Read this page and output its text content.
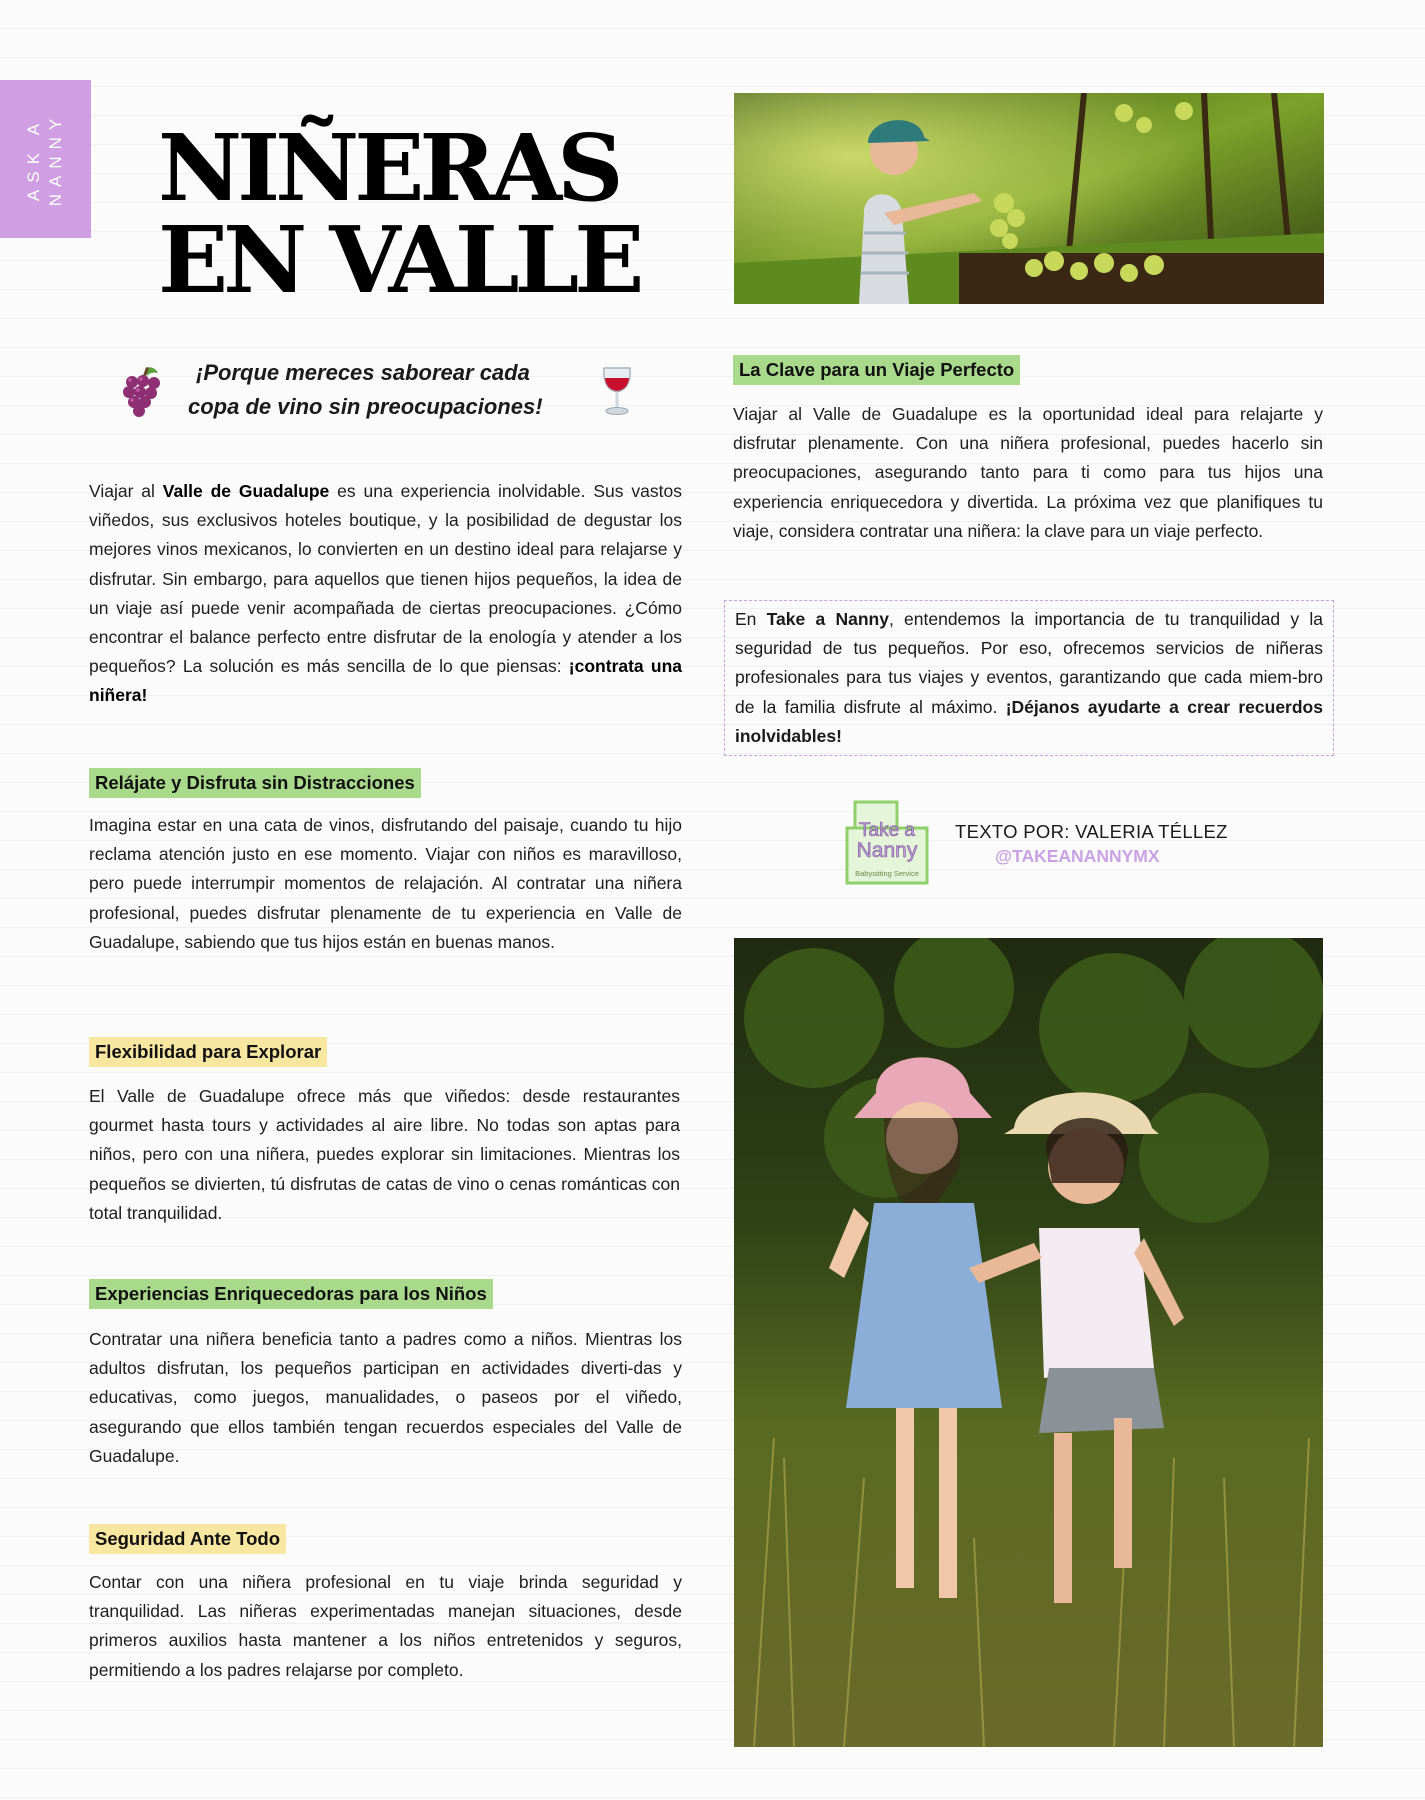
ASK A NANNY NIÑERAS
EN VALLE
¡Porque mereces saborear cada
copa de vino sin preocupaciones!

Viajar al Valle de Guadalupe es una experiencia inolvidable. Sus vastos viñedos, sus exclusivos hoteles boutique, y la posibilidad de degustar los mejores vinos mexicanos, lo convierten en un destino ideal para relajarse y disfrutar. Sin embargo, para aquellos que tienen hijos pequeños, la idea de un viaje así puede venir acompañada de ciertas preocupaciones. ¿Cómo encontrar el balance perfecto entre disfrutar de la enología y atender a los pequeños? La solución es más sencilla de lo que piensas: ¡contrata una niñera!

Relájate y Disfruta sin Distracciones

Imagina estar en una cata de vinos, disfrutando del paisaje, cuando tu hijo reclama atención justo en ese momento. Viajar con niños es maravilloso, pero puede interrumpir momentos de relajación. Al contratar una niñera profesional, puedes disfrutar plenamente de tu experiencia en Valle de Guadalupe, sabiendo que tus hijos están en buenas manos.

Flexibilidad para Explorar

El Valle de Guadalupe ofrece más que viñedos: desde restaurantes gourmet hasta tours y actividades al aire libre. No todas son aptas para niños, pero con una niñera, puedes explorar sin limitaciones. Mientras los pequeños se divierten, tú disfrutas de catas de vino o cenas románticas con total tranquilidad.

Experiencias Enriquecedoras para los Niños

Contratar una niñera beneficia tanto a padres como a niños. Mientras los adultos disfrutan, los pequeños participan en actividades diverti-das y educativas, como juegos, manualidades, o paseos por el viñedo, asegurando que ellos también tengan recuerdos especiales del Valle de Guadalupe.

Seguridad Ante Todo

Contar con una niñera profesional en tu viaje brinda seguridad y tranquilidad. Las niñeras experimentadas manejan situaciones, desde primeros auxilios hasta mantener a los niños entretenidos y seguros, permitiendo a los padres relajarse por completo.

La Clave para un Viaje Perfecto

Viajar al Valle de Guadalupe es la oportunidad ideal para relajarte y disfrutar plenamente. Con una niñera profesional, puedes hacerlo sin preocupaciones, asegurando tanto para ti como para tus hijos una experiencia enriquecedora y divertida. La próxima vez que planifiques tu viaje, considera contratar una niñera: la clave para un viaje perfecto.

En Take a Nanny, entendemos la importancia de tu tranquilidad y la seguridad de tus pequeños. Por eso, ofrecemos servicios de niñeras profesionales para tus viajes y eventos, garantizando que cada miem-bro de la familia disfrute al máximo. ¡Déjanos ayudarte a crear recuerdos inolvidables!

Take a
Nanny
Babysitting Service
TEXTO POR: VALERIA TÉLLEZ
@TAKEANANNYMX
